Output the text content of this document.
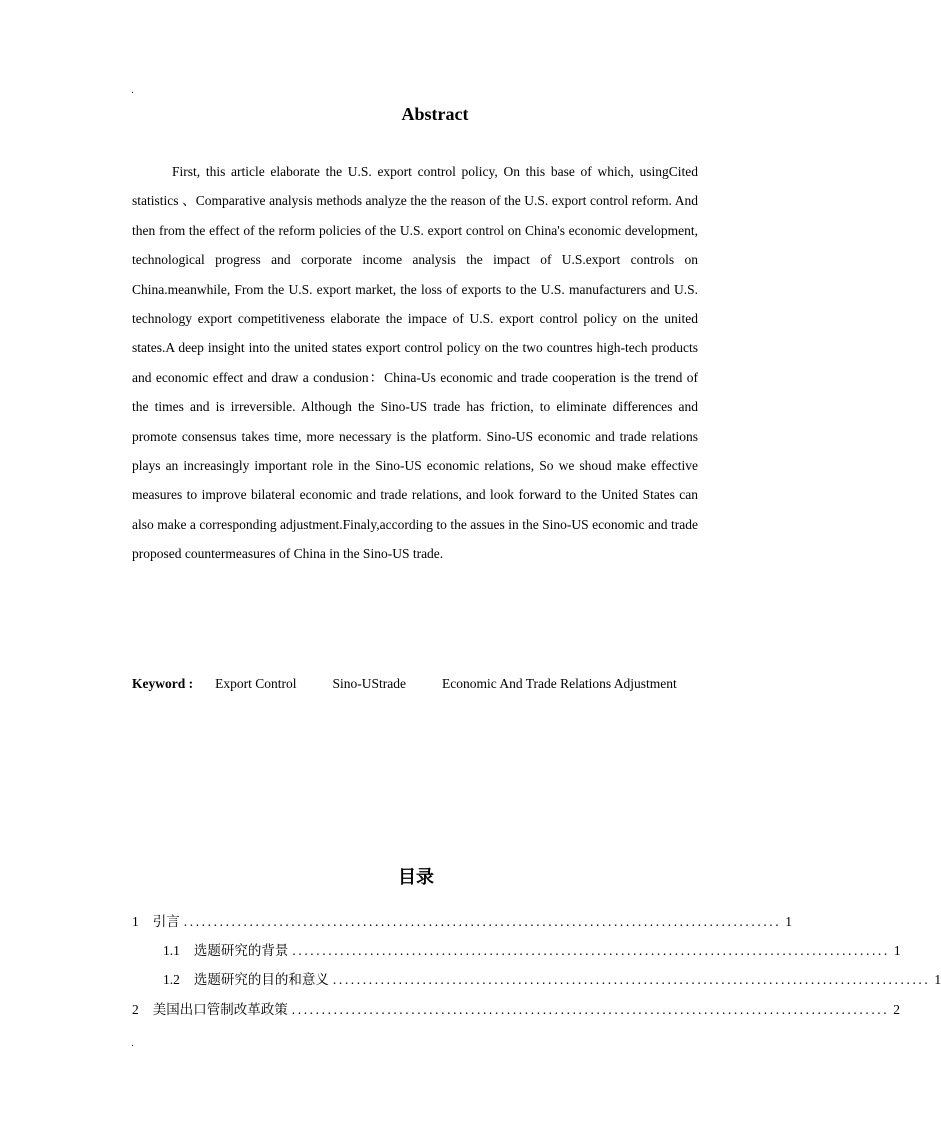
.
Abstract

First, this article elaborate the U.S. export control policy, On this base of which, usingCited statistics 、Comparative analysis methods analyze the the reason of the U.S. export control reform. And then from the effect of the reform policies of the U.S. export control on China's economic development, technological progress and corporate income analysis the impact of U.S.export controls on China.meanwhile, From the U.S. export market, the loss of exports to the U.S. manufacturers and U.S. technology export competitiveness elaborate the impace of U.S. export control policy on the united states.A deep insight into the united states export control policy on the two countres high-tech products and economic effect and draw a condusion：China-Us economic and trade cooperation is the trend of the times and is irreversible. Although the Sino-US trade has friction, to eliminate differences and promote consensus takes time, more necessary is the platform. Sino-US economic and trade relations plays an increasingly important role in the Sino-US economic relations, So we shoud make effective measures to improve bilateral economic and trade relations, and look forward to the United States can also make a corresponding adjustment.Finaly,according to the assues in the Sino-US economic and trade proposed countermeasures of China in the Sino-US trade.

Keyword : Export Control	Sino-UStrade	Economic And Trade Relations Adjustment

目录
1 引言 .................................................................................................... 1
1.1 选题研究的背景 .................................................................................................... 1
1.2 选题研究的目的和意义 .................................................................................................... 1
2 美国出口管制改革政策 .................................................................................................... 2
.
